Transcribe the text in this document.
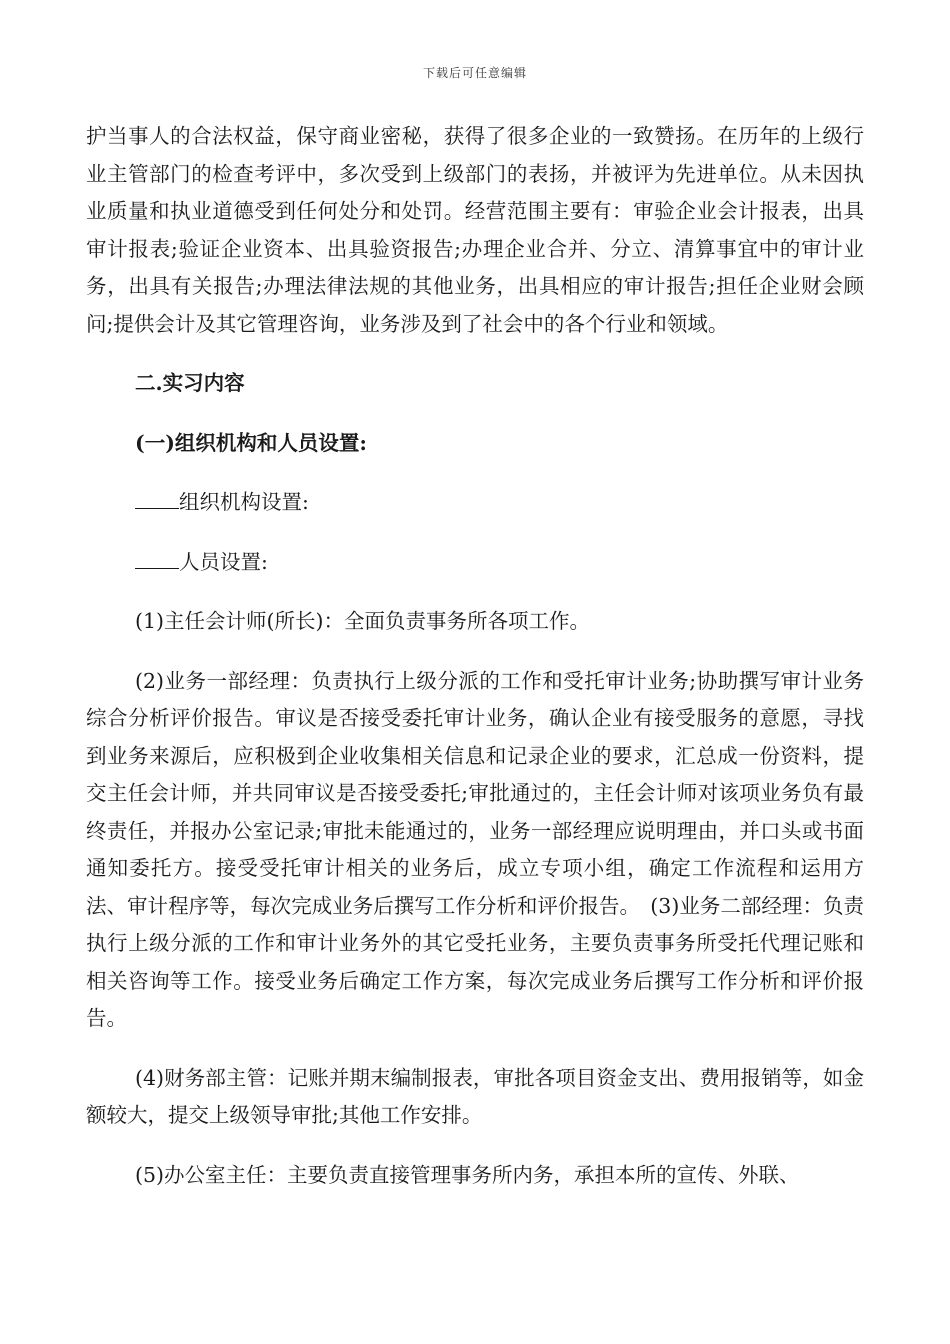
下载后可任意编辑

护当事人的合法权益，保守商业密秘，获得了很多企业的一致赞扬。在历年的上级行业主管部门的检查考评中，多次受到上级部门的表扬，并被评为先进单位。从未因执业质量和执业道德受到任何处分和处罚。经营范围主要有：审验企业会计报表，出具审计报表;验证企业资本、出具验资报告;办理企业合并、分立、清算事宜中的审计业务，出具有关报告;办理法律法规的其他业务，出具相应的审计报告;担任企业财会顾问;提供会计及其它管理咨询，业务涉及到了社会中的各个行业和领域。

二.实习内容

(一)组织机构和人员设置:

组织机构设置:

人员设置:

(1)主任会计师(所长)：全面负责事务所各项工作。

(2)业务一部经理：负责执行上级分派的工作和受托审计业务;协助撰写审计业务综合分析评价报告。审议是否接受委托审计业务，确认企业有接受服务的意愿，寻找到业务来源后，应积极到企业收集相关信息和记录企业的要求，汇总成一份资料，提交主任会计师，并共同审议是否接受委托;审批通过的，主任会计师对该项业务负有最终责任，并报办公室记录;审批未能通过的，业务一部经理应说明理由，并口头或书面通知委托方。接受受托审计相关的业务后，成立专项小组，确定工作流程和运用方法、审计程序等，每次完成业务后撰写工作分析和评价报告。　(3)业务二部经理：负责执行上级分派的工作和审计业务外的其它受托业务，主要负责事务所受托代理记账和相关咨询等工作。接受业务后确定工作方案，每次完成业务后撰写工作分析和评价报告。

(4)财务部主管：记账并期末编制报表，审批各项目资金支出、费用报销等，如金额较大，提交上级领导审批;其他工作安排。

(5)办公室主任：主要负责直接管理事务所内务，承担本所的宣传、外联、
